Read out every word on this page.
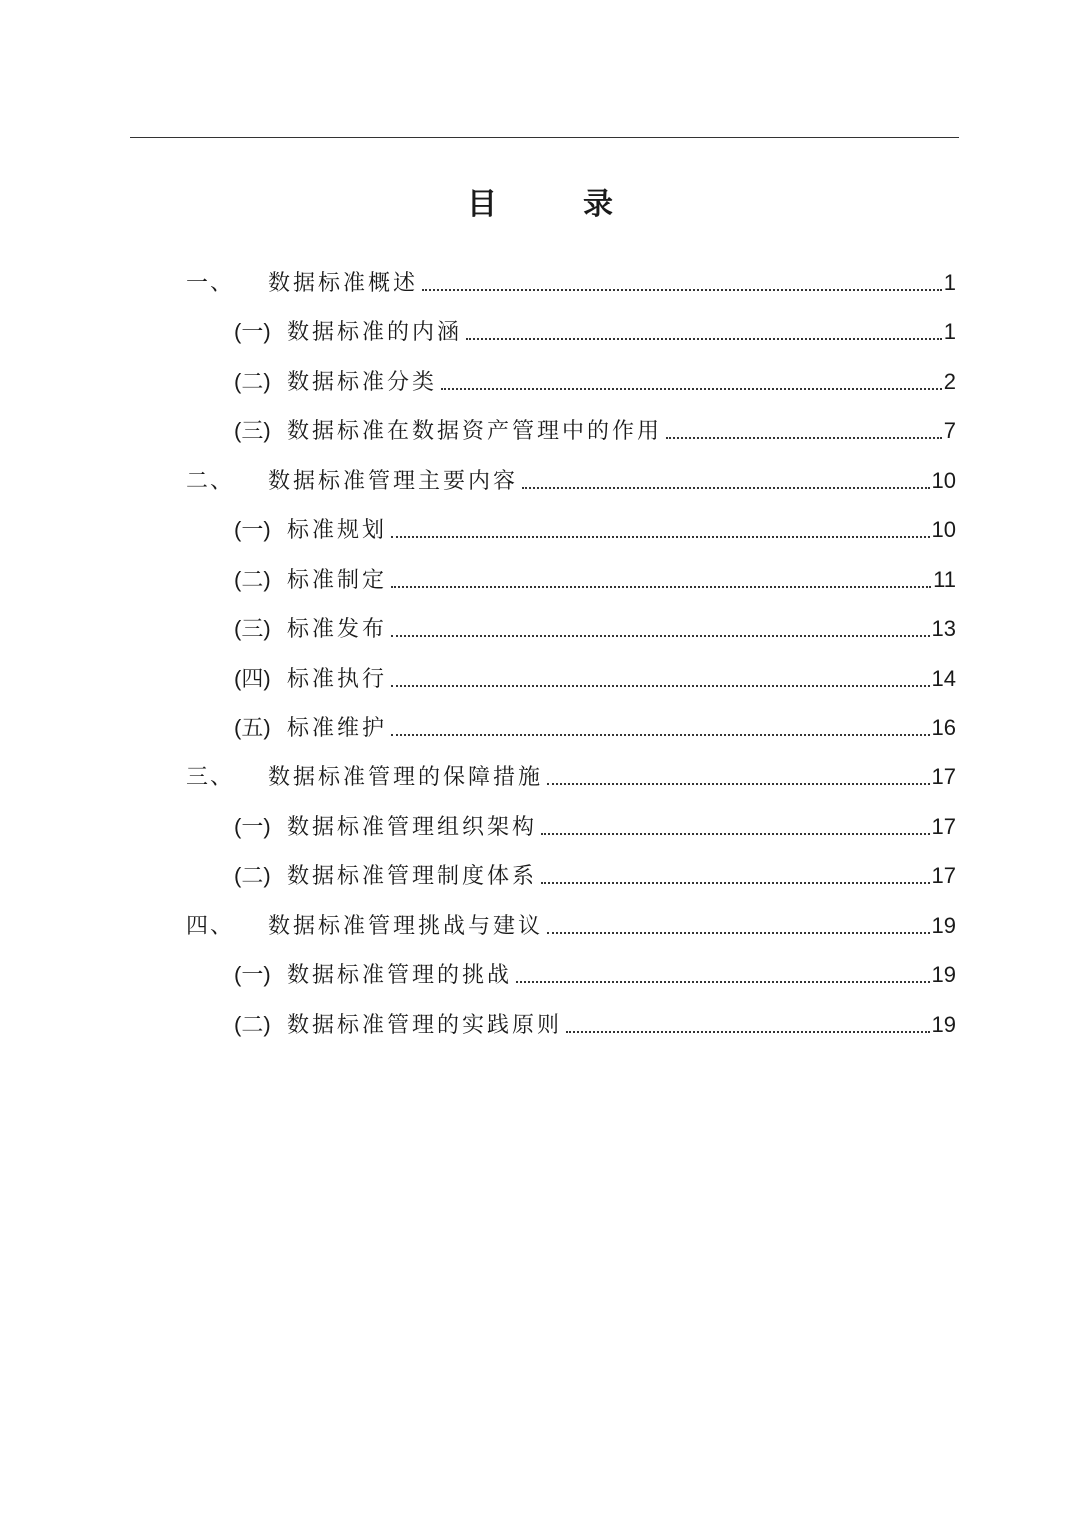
目　录
一、	数据标准概述	1
(一) 数据标准的内涵	1
(二) 数据标准分类	2
(三) 数据标准在数据资产管理中的作用	7
二、	数据标准管理主要内容	10
(一) 标准规划	10
(二) 标准制定	11
(三) 标准发布	13
(四) 标准执行	14
(五) 标准维护	16
三、	数据标准管理的保障措施	17
(一) 数据标准管理组织架构	17
(二) 数据标准管理制度体系	17
四、	数据标准管理挑战与建议	19
(一) 数据标准管理的挑战	19
(二) 数据标准管理的实践原则	19
